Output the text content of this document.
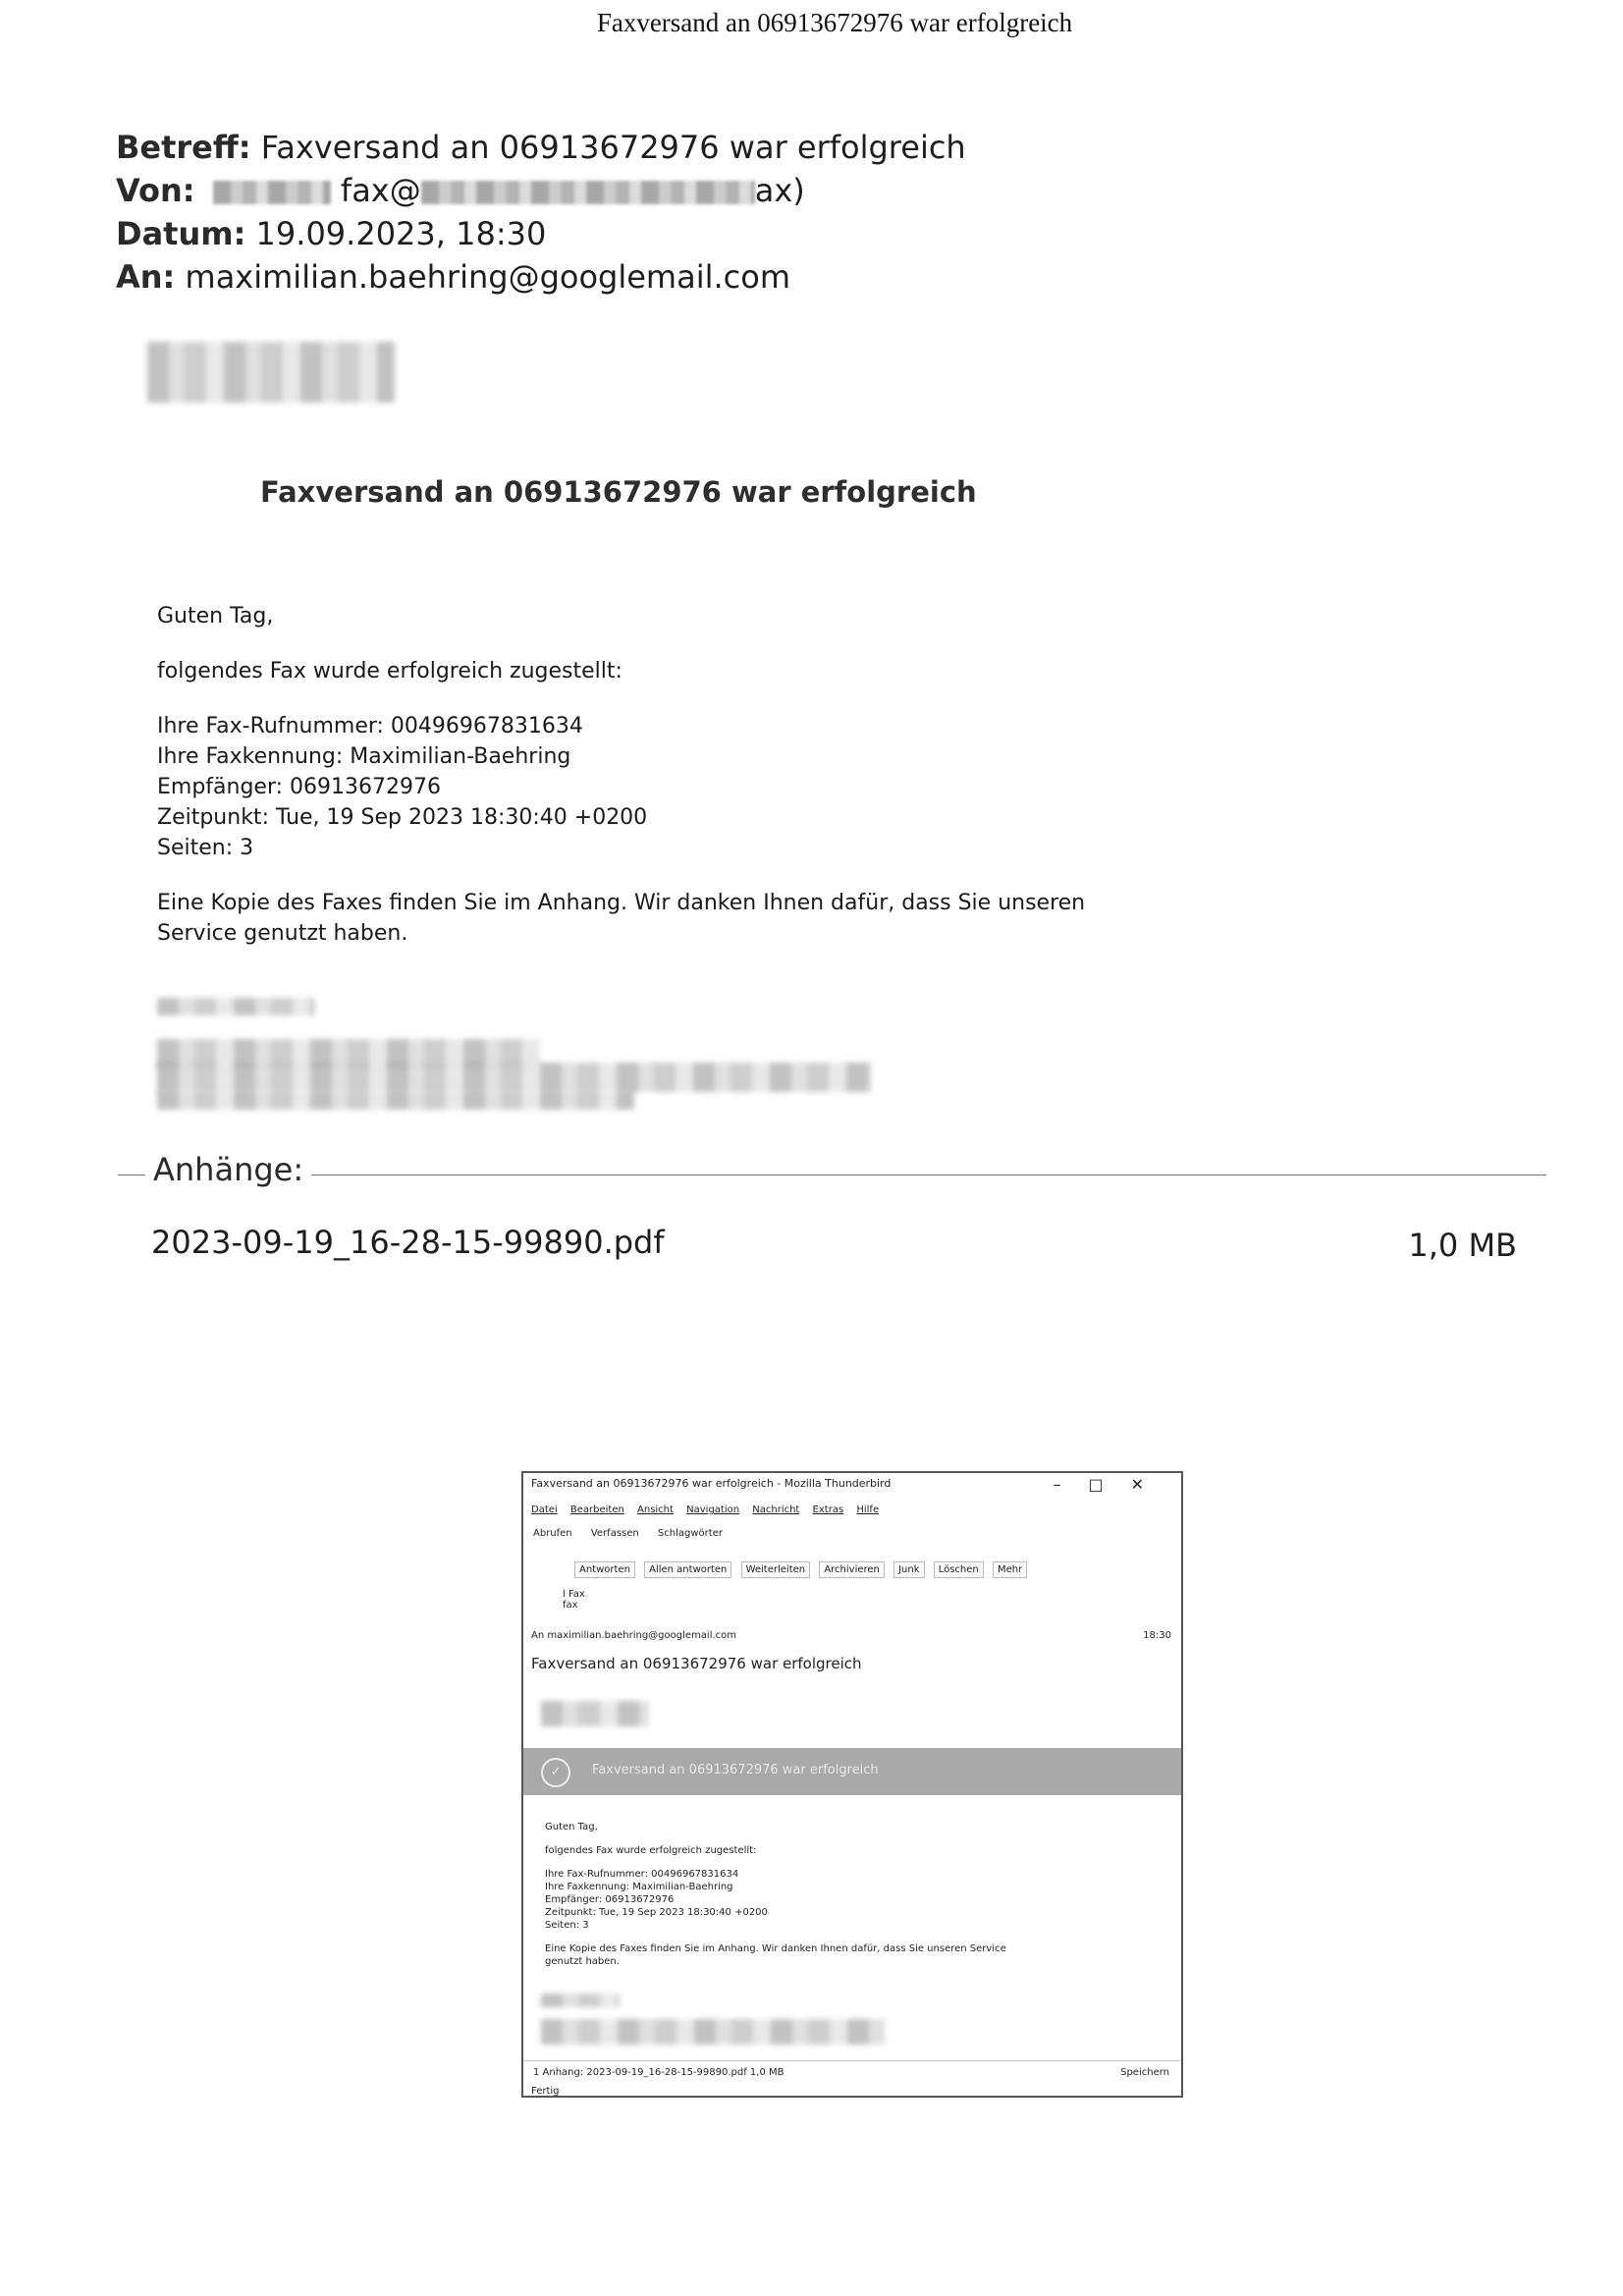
Faxversand an 06913672976 war erfolgreich
Betreff: Faxversand an 06913672976 war erfolgreich
Von:	fax@	ax)
Datum: 19.09.2023, 18:30
An: maximilian.baehring@googlemail.com
Faxversand an 06913672976 war erfolgreich

Guten Tag,

folgendes Fax wurde erfolgreich zugestellt:

Ihre Fax-Rufnummer: 00496967831634
Ihre Faxkennung: Maximilian-Baehring
Empfänger: 06913672976
Zeitpunkt: Tue, 19 Sep 2023 18:30:40 +0200
Seiten: 3

Eine Kopie des Faxes finden Sie im Anhang. Wir danken Ihnen dafür, dass Sie unseren Service genutzt haben.

Anhänge:
2023-09-19_16-28-15-99890.pdf	1,0 MB
Faxversand an 06913672976 war erfolgreich - Mozilla Thunderbird	–□✕
Datei Bearbeiten Ansicht Navigation Nachricht Extras Hilfe
Abrufen Verfassen Schlagwörter
Antworten Allen antworten Weiterleiten Archivieren Junk Löschen Mehr
l Fax
fax
An maximilian.baehring@googlemail.com	18:30
Faxversand an 06913672976 war erfolgreich
✓	Faxversand an 06913672976 war erfolgreich

Guten Tag,

folgendes Fax wurde erfolgreich zugestellt:

Ihre Fax-Rufnummer: 00496967831634
Ihre Faxkennung: Maximilian-Baehring
Empfänger: 06913672976
Zeitpunkt: Tue, 19 Sep 2023 18:30:40 +0200
Seiten: 3

Eine Kopie des Faxes finden Sie im Anhang. Wir danken Ihnen dafür, dass Sie unseren Service genutzt haben.

1 Anhang: 2023-09-19_16-28-15-99890.pdf 1,0 MB	Speichern
Fertig
